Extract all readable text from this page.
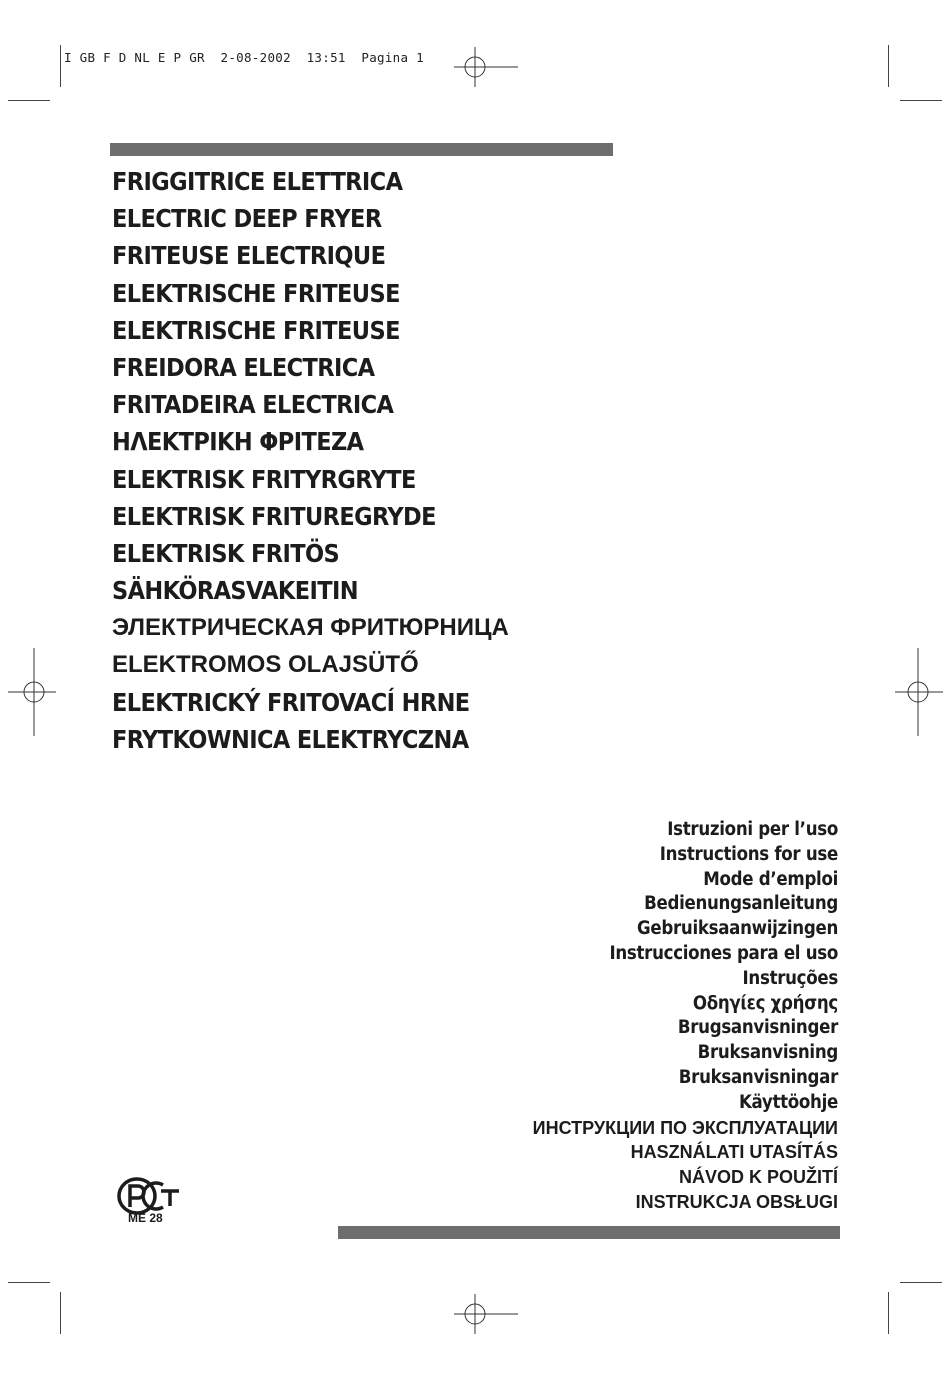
I GB F D NL E P GR  2-08-2002  13:51  Pagina 1
FRIGGITRICE ELETTRICA
ELECTRIC DEEP FRYER
FRITEUSE ELECTRIQUE
ELEKTRISCHE FRITEUSE
ELEKTRISCHE FRITEUSE
FREIDORA ELECTRICA
FRITADEIRA ELECTRICA
ΗΛΕΚΤΡΙΚΗ ΦΡΙΤΕΖΑ
ELEKTRISK FRITYRGRYTE
ELEKTRISK FRITUREGRYDE
ELEKTRISK FRITÖS
SÄHKÖRASVAKEITIN
ЭЛЕКТРИЧЕСКАЯ ФРИТЮРНИЦА
ELEKTROMOS OLAJSÜTŐ
ELEKTRICKÝ FRITOVACÍ HRNE
FRYTKOWNICA ELEKTRYCZNA
Istruzioni per l’uso
Instructions for use
Mode d’emploi
Bedienungsanleitung
Gebruiksaanwijzingen
Instrucciones para el uso
Instruções
Οδηγίες χρήσης
Brugsanvisninger
Bruksanvisning
Bruksanvisningar
Käyttöohje
ИНСТРУКЦИИ ПО ЭКСПЛУАТАЦИИ
HASZNÁLATI UTASÍTÁS
NÁVOD K POUŽITÍ
INSTRUKCJA OBSŁUGI
ME 28
